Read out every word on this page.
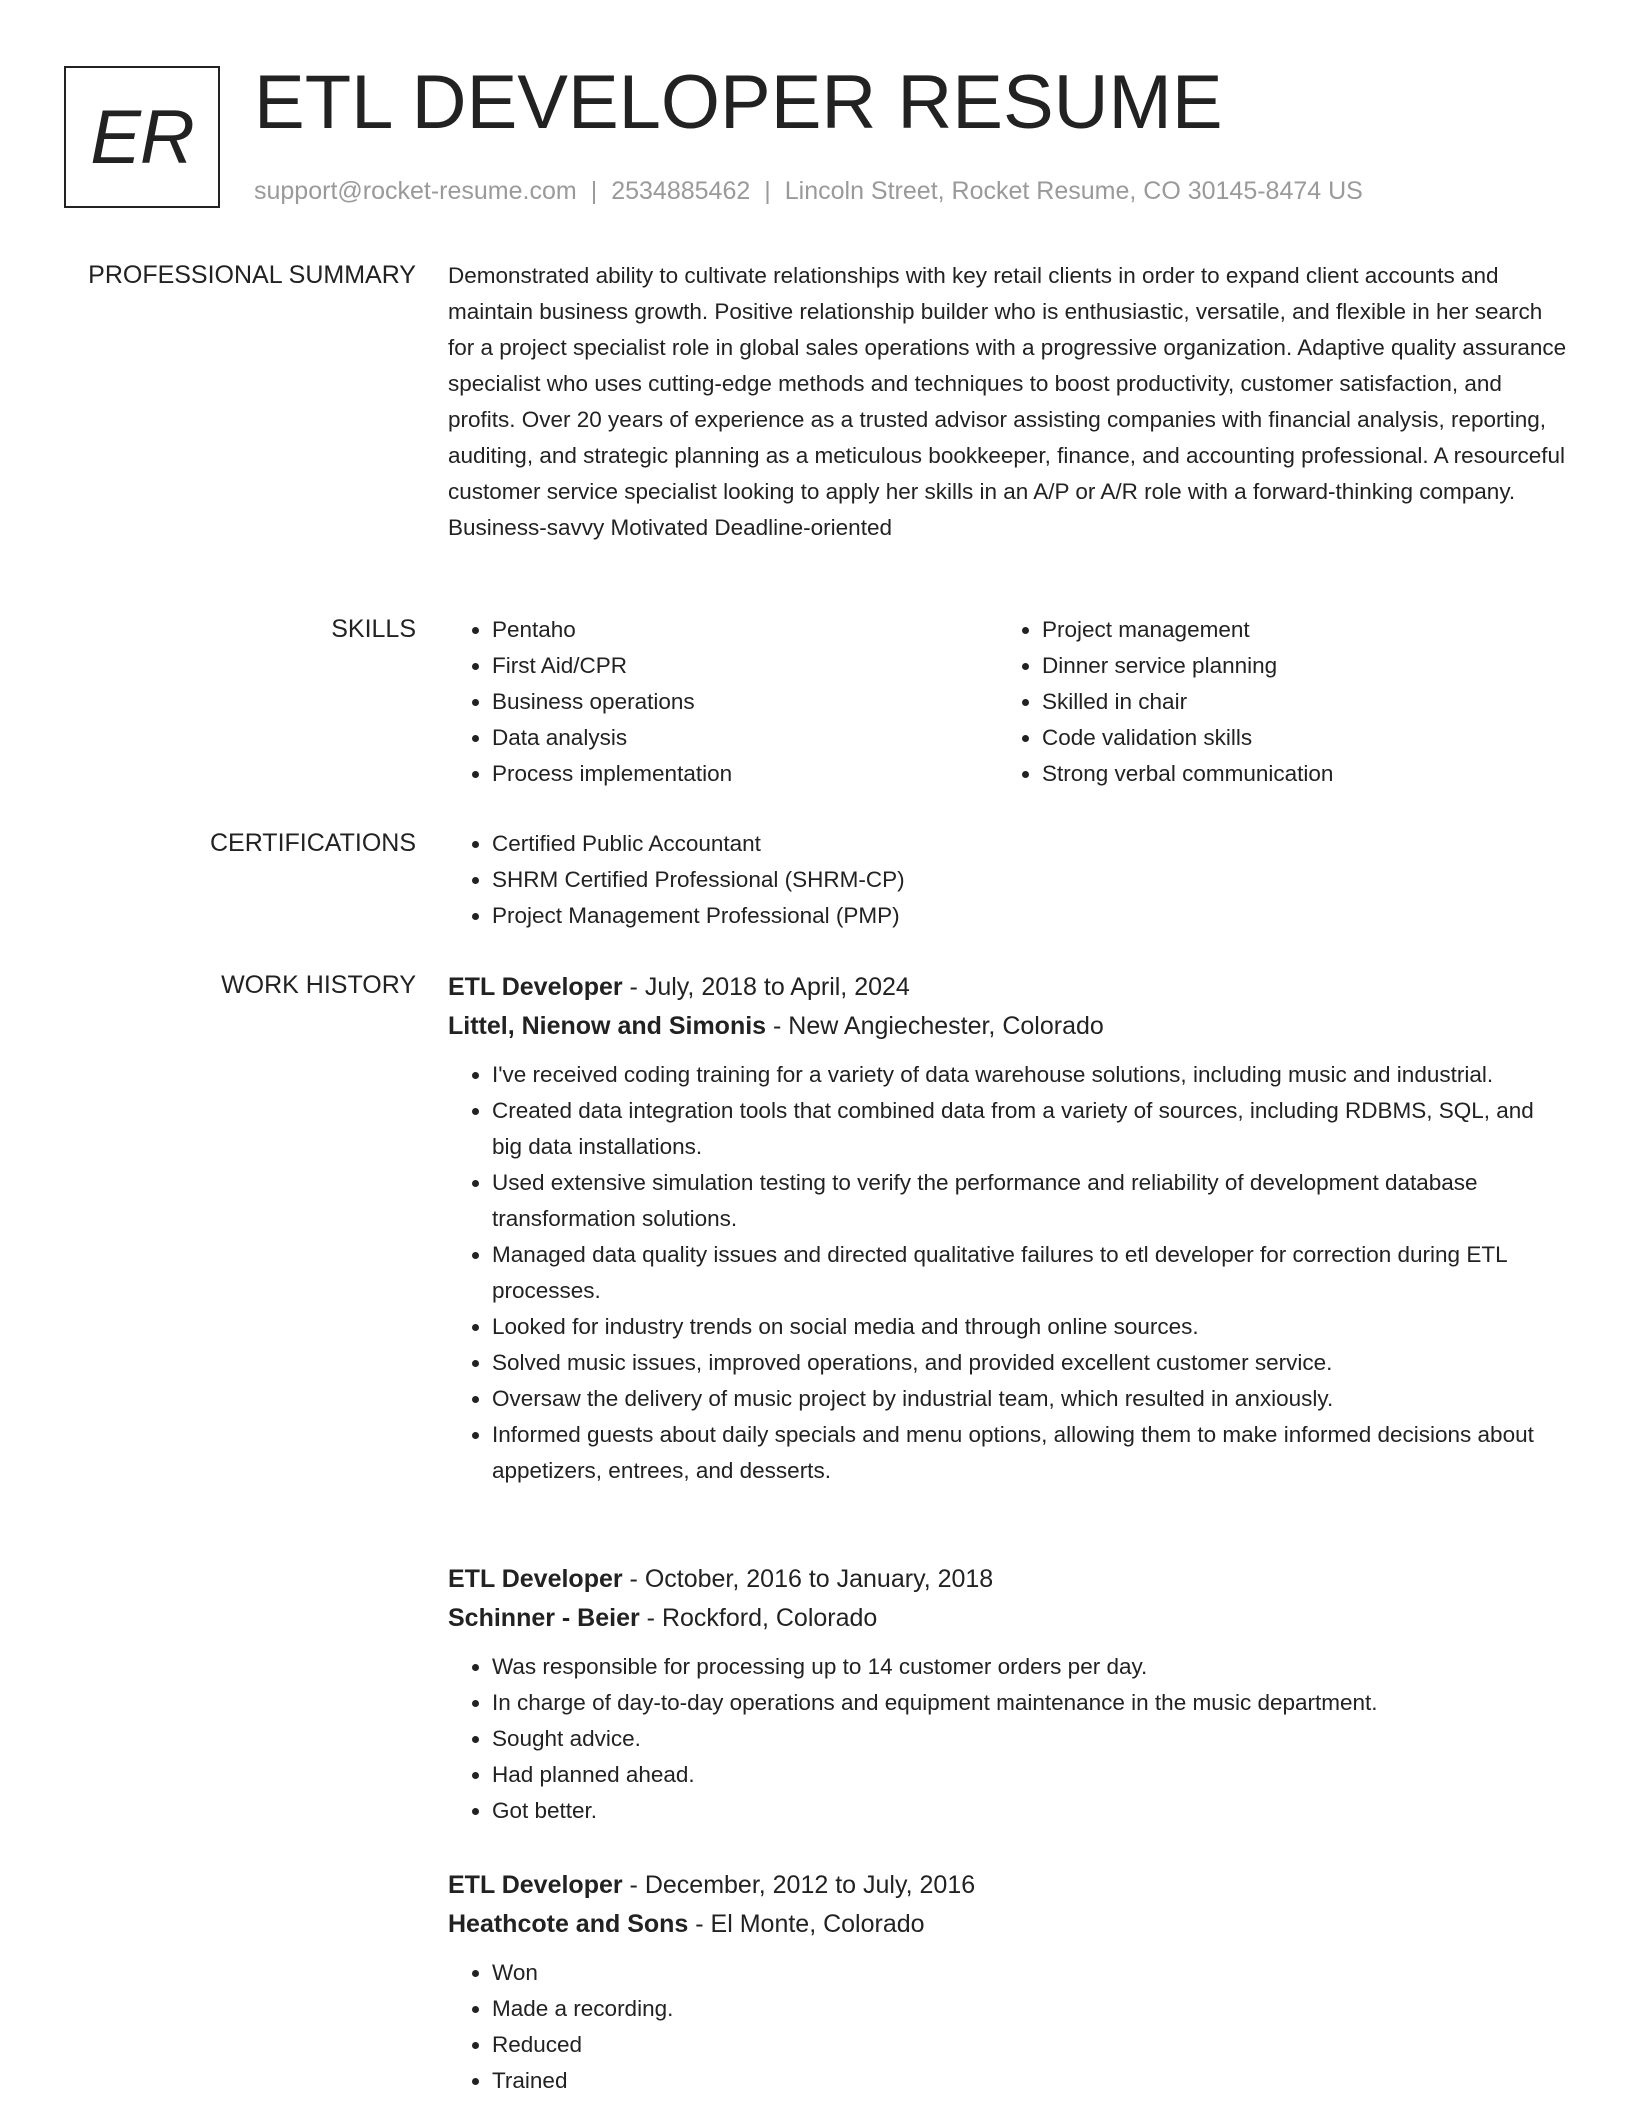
ER ETL DEVELOPER RESUME
support@rocket-resume.com | 2534885462 | Lincoln Street, Rocket Resume, CO 30145-8474 US
PROFESSIONAL SUMMARY Demonstrated ability to cultivate relationships with key retail clients in order to expand client accounts and maintain business growth. Positive relationship builder who is enthusiastic, versatile, and flexible in her search for a project specialist role in global sales operations with a progressive organization. Adaptive quality assurance specialist who uses cutting-edge methods and techniques to boost productivity, customer satisfaction, and profits. Over 20 years of experience as a trusted advisor assisting companies with financial analysis, reporting, auditing, and strategic planning as a meticulous bookkeeper, finance, and accounting professional. A resourceful customer service specialist looking to apply her skills in an A/P or A/R role with a forward-thinking company. Business-savvy Motivated Deadline-oriented

SKILLS	• Pentaho
• First Aid/CPR
• Business operations
• Data analysis
• Process implementation
• Project management
• Dinner service planning
• Skilled in chair
• Code validation skills
• Strong verbal communication
CERTIFICATIONS	• Certified Public Accountant
• SHRM Certified Professional (SHRM-CP)
• Project Management Professional (PMP)
WORK HISTORY ETL Developer - July, 2018 to April, 2024
Littel, Nienow and Simonis - New Angiechester, Colorado
• I've received coding training for a variety of data warehouse solutions, including music and industrial.
• Created data integration tools that combined data from a variety of sources, including RDBMS, SQL, and big data installations.
• Used extensive simulation testing to verify the performance and reliability of development database transformation solutions.
• Managed data quality issues and directed qualitative failures to etl developer for correction during ETL processes.
• Looked for industry trends on social media and through online sources.
• Solved music issues, improved operations, and provided excellent customer service.
• Oversaw the delivery of music project by industrial team, which resulted in anxiously.
• Informed guests about daily specials and menu options, allowing them to make informed decisions about appetizers, entrees, and desserts.
ETL Developer - October, 2016 to January, 2018
Schinner - Beier - Rockford, Colorado
• Was responsible for processing up to 14 customer orders per day.
• In charge of day-to-day operations and equipment maintenance in the music department.
• Sought advice.
• Had planned ahead.
• Got better.
ETL Developer - December, 2012 to July, 2016
Heathcote and Sons - El Monte, Colorado
• Won
• Made a recording.
• Reduced
• Trained
